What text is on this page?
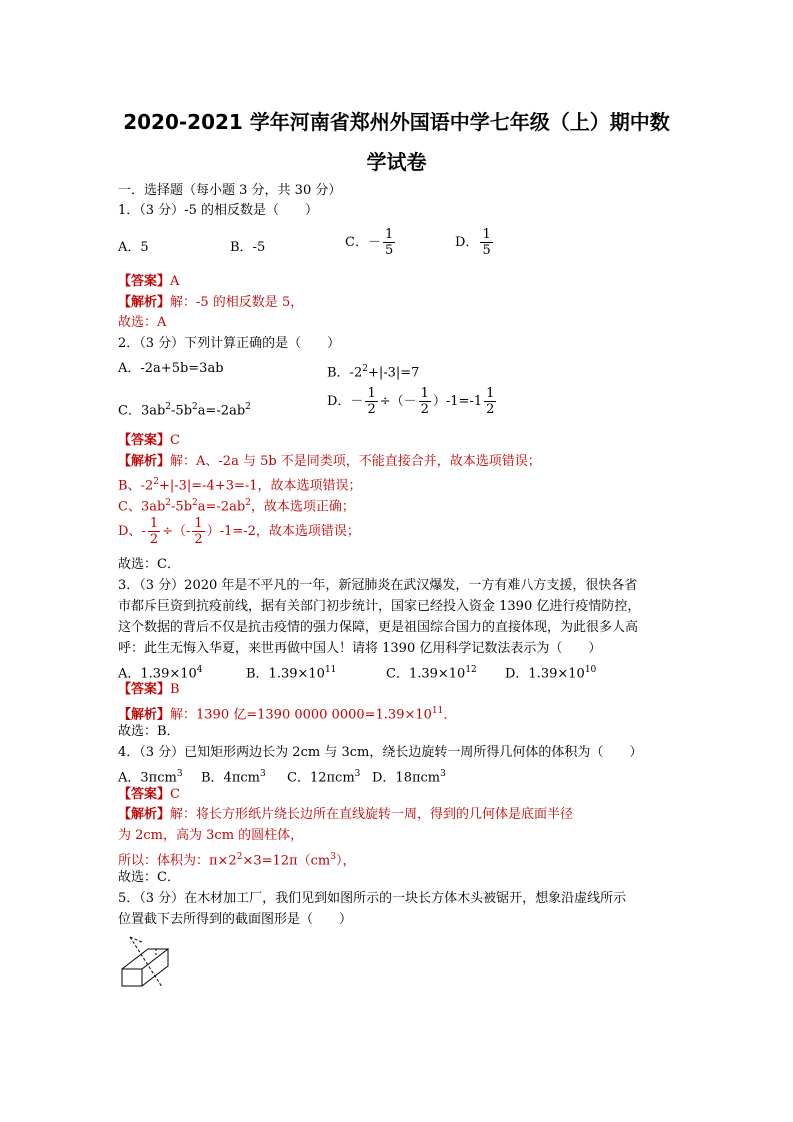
2020-2021 学年河南省郑州外国语中学七年级（上）期中数
学试卷
一．选择题（每小题 3 分，共 30 分）
1．（3 分）-5 的相反数是（　　）
A．5	B．-5	C．－ $\frac{1}{5}$	D． $\frac{1}{5}$
【答案】A
【解析】解：-5 的相反数是 5，
故选：A
2．（3 分）下列计算正确的是（　　）
A．-2a+5b=3ab	B．$-2^2+|-3|=7$
C．$3ab^2-5b^2a=-2ab^2$	D．－ $\frac{1}{2}$ ÷（－ $\frac{1}{2} )-1=-1 \frac{1}{2}$
【答案】C
【解析】解：A、-2a 与 5b 不是同类项，不能直接合并，故本选项错误；
B、$-2^2+|-3|=-4+3=-1$，故本选项错误；
C、$3ab^2-5b^2a=-2ab^2$，故本选项正确；
D、- $\frac{1}{2}$ ÷（- $\frac{1}{2} )-1=-2$，故本选项错误；
故选：C．
3．（3 分）2020 年是不平凡的一年，新冠肺炎在武汉爆发，一方有难八方支援，很快各省
市都斥巨资到抗疫前线，据有关部门初步统计，国家已经投入资金 1390 亿进行疫情防控，
这个数据的背后不仅是抗击疫情的强力保障，更是祖国综合国力的直接体现，为此很多人高
呼：此生无悔入华夏，来世再做中国人！请将 1390 亿用科学记数法表示为（　　）
A．$1.39\times 10^4$	B．$1.39\times 10^{11}$	C．$1.39\times 10^{12}$ D．$1.39\times 10^{10}$
【答案】B
【解析】解：1390 亿=1390 0000 $0000=1.39\times 10^{11}$．
故选：B．
4．（3 分）已知矩形两边长为 2cm 与 3cm，绕长边旋转一周所得几何体的体积为（　　）
A．3πcm$^3$ B．4πcm$^3$ C．12πcm$^3$ D．18πcm$^3$
【答案】C
【解析】解：将长方形纸片绕长边所在直线旋转一周，得到的几何体是底面半径
为 2cm，高为 3cm 的圆柱体，
所以：体积为：$\pi\times 2^2\times 3=12\pi(cm^3)$，
故选：C．
5．（3 分）在木材加工厂，我们见到如图所示的一块长方体木头被锯开，想象沿虚线所示
位置截下去所得到的截面图形是（　　）
